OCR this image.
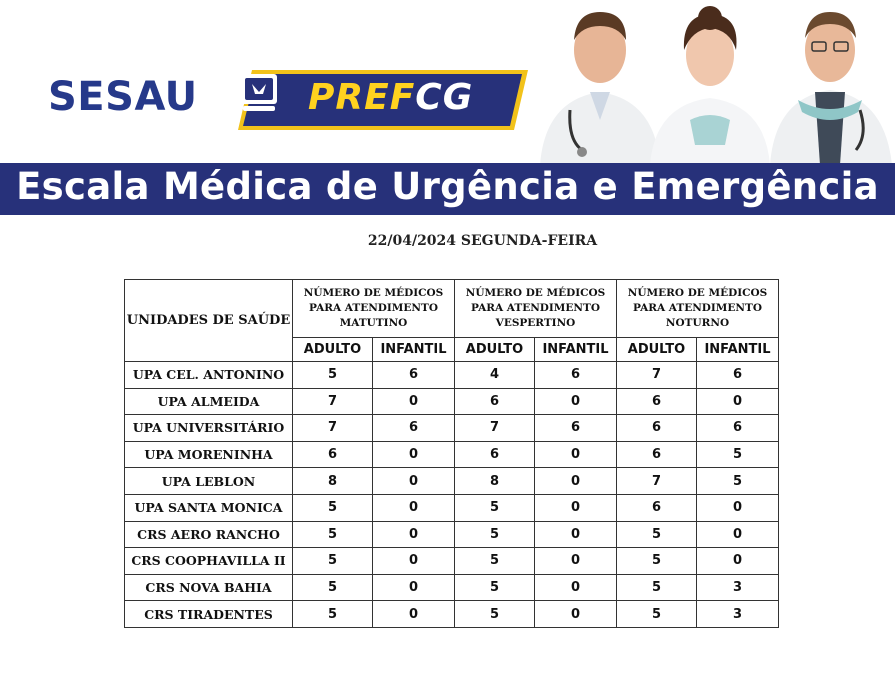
SESAU	PREFCG
Escala Médica de Urgência e Emergência
22/04/2024 SEGUNDA-FEIRA
UNIDADES DE SAÚDE	NÚMERO DE MÉDICOS PARA ATENDIMENTO MATUTINO		NÚMERO DE MÉDICOS PARA ATENDIMENTO VESPERTINO		NÚMERO DE MÉDICOS PARA ATENDIMENTO NOTURNO	
	ADULTO	INFANTIL	ADULTO	INFANTIL	ADULTO	INFANTIL
UPA CEL. ANTONINO	5	6	4	6	7	6
UPA ALMEIDA	7	0	6	0	6	0
UPA UNIVERSITÁRIO	7	6	7	6	6	6
UPA MORENINHA	6	0	6	0	6	5
UPA LEBLON	8	0	8	0	7	5
UPA SANTA MONICA	5	0	5	0	6	0
CRS AERO RANCHO	5	0	5	0	5	0
CRS COOPHAVILLA II	5	0	5	0	5	0
CRS NOVA BAHIA	5	0	5	0	5	3
CRS TIRADENTES	5	0	5	0	5	3
